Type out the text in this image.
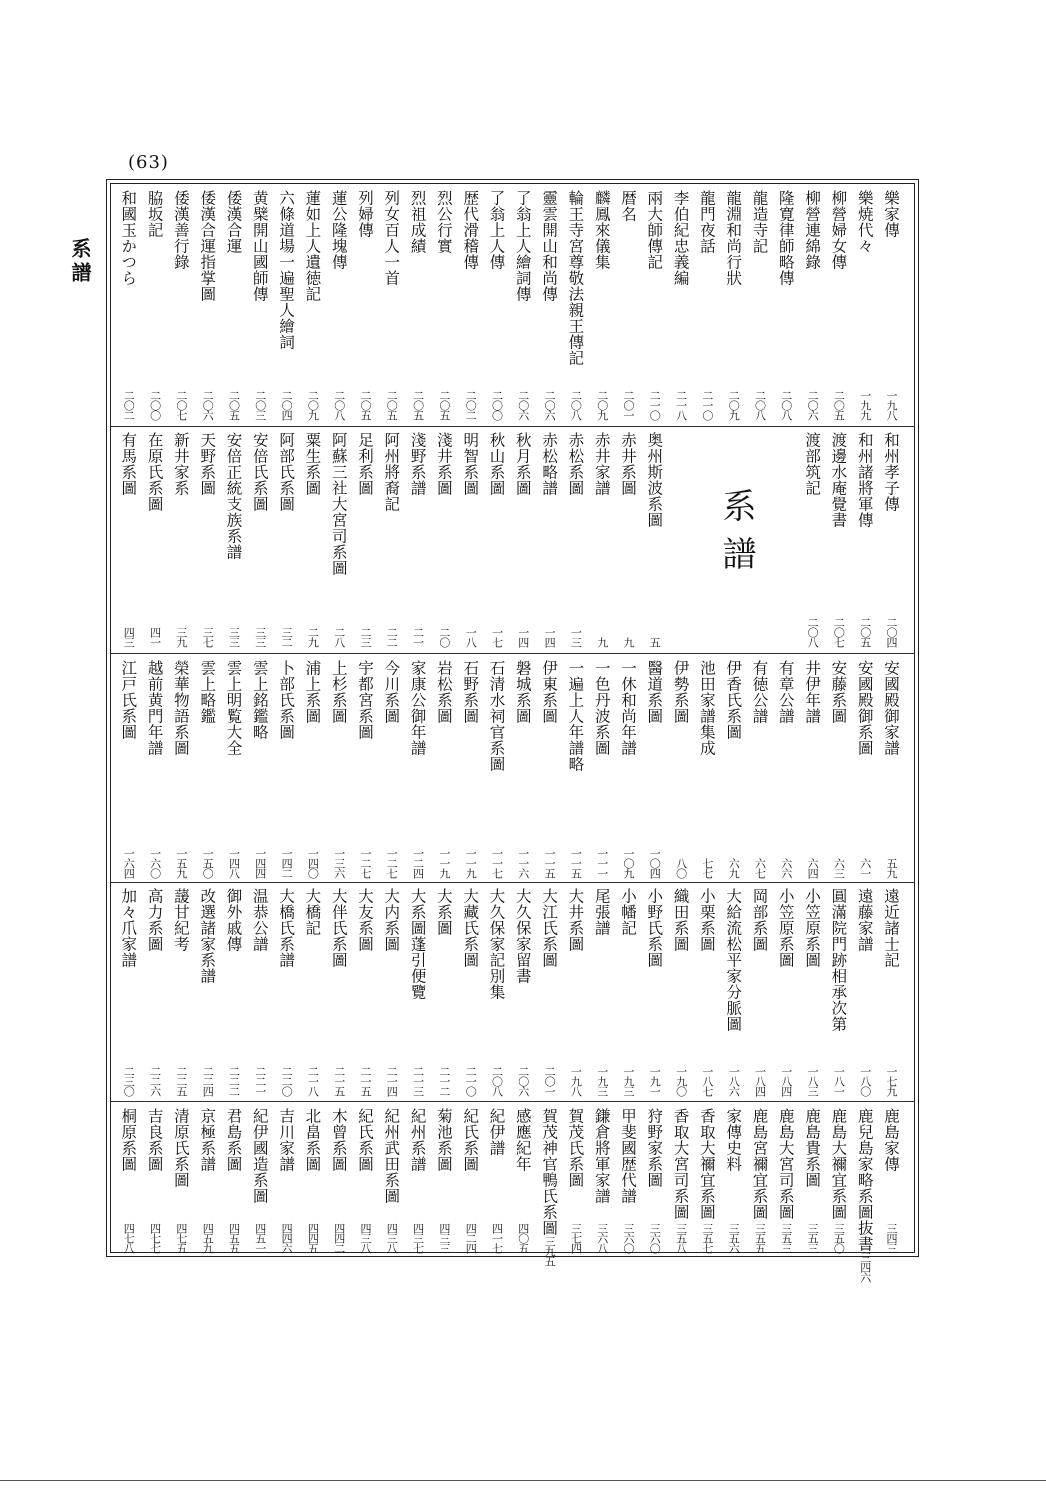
(63)
系譜
系譜
樂家傳
一九八
樂焼代々
一九九
柳營婦女傳
二〇五
柳營連綿錄
二〇六
隆寛律師略傳
二〇八
龍造寺記
二〇八
龍淵和尚行狀
二〇九
龍門夜話
二一〇
李伯紀忠義編
二一八
兩大師傳記
二一〇
暦名
二〇一
麟鳳來儀集
二〇九
輪王寺宮尊敬法親王傳記
二〇八
靈雲開山和尚傳
二〇六
了翁上人繪詞傳
二〇六
了翁上人傳
二〇〇
歴代滑稽傳
二〇二
烈公行實
二〇五
烈祖成績
二〇五
列女百人一首
二〇五
列婦傳
二〇五
蓮公隆塊傳
二〇八
蓮如上人遺徳記
二〇九
六條道場一遍聖人繪詞
二〇四
黄檗開山國師傳
二〇三
倭漢合運
二〇五
倭漢合運指掌圖
二〇六
倭漢善行錄
二〇七
脇坂記
二〇〇
和國玉かつら
二〇二
和州孝子傳
二〇四
和州諸將軍傳
二〇五
渡邊水庵覺書
二〇七
渡部筑記
二〇八
奥州斯波系圖
五
赤井系圖
九
赤井家譜
九
赤松系圖
一三
赤松略譜
一四
秋月系圖
一四
秋山系圖
一七
明智系圖
一八
淺井系圖
二〇
淺野系譜
二一
阿州將裔記
二二
足利系圖
二三
阿蘇三社大宮司系圖
二八
粟生系圖
二九
阿部氏系圖
三二
安倍氏系圖
三三
安倍正統支族系譜
三三
天野系圖
三七
新井家系
三九
在原氏系圖
四一
有馬系圖
四三
安國殿御家譜
五九
安國殿御系圖
六一
安藤系圖
六三
井伊年譜
六四
有章公譜
六六
有徳公譜
六七
伊香氏系圖
六九
池田家譜集成
七七
伊勢系圖
八〇
醫道系圖
一〇四
一休和尚年譜
一〇九
一色丹波系圖
一一一
一遍上人年譜略
一一五
伊東系圖
一一五
磐城系圖
一一六
石清水祠官系圖
一一七
石野系圖
一一九
岩松系圖
一一九
家康公御年譜
一二四
今川系圖
一二七
宇都宮系圖
一二七
上杉系圖
一三六
浦上系圖
一四〇
卜部氏系圖
一四二
雲上銘鑑略
一四四
雲上明覧大全
一四八
雲上略鑑
一五〇
榮華物語系圖
一五九
越前黄門年譜
一六〇
江戸氏系圖
一六四
遠近諸士記
一七九
遠藤家譜
一八〇
圓滿院門跡相承次第
一八一
小笠原系圖
一八三
小笠原系圖
一八四
岡部系圖
一八四
大給流松平家分脈圖
一八六
小栗系圖
一八七
織田系圖
一九〇
小野氏系圖
一九一
小幡記
一九三
尾張譜
一九三
大井系圖
一九八
大江氏系圖
二〇一
大久保家留書
二〇六
大久保家記別集
二〇八
大藏氏系圖
二一〇
大系圖
二一二
大系圖蓬引便覽
二一三
大内系圖
二一四
大友系圖
二一五
大伴氏系圖
二一五
大橋記
二一八
大橋氏系譜
二二〇
温恭公譜
二二一
御外戚傳
二二二
改選諸家系譜
二二四
蘐甘紀考
二二五
高力系圖
二二六
加々爪家譜
二三〇
鹿島家傳
三四三
鹿兒島家略系圖抜書
三四六
鹿島大禰宜系圖
三五〇
鹿島貴系圖
三五三
鹿島大宮司系圖
三五三
鹿島宮禰宜系圖
三五五
家傳史料
三五六
香取大禰宜系圖
三五七
香取大宮司系圖
三五八
狩野家系圖
三六〇
甲斐國歴代譜
三六〇
鎌倉將軍家譜
三六八
賀茂氏系圖
三七四
賀茂神官鴨氏系圖
三九五
感應紀年
四〇五
紀伊譜
四一七
紀氏系圖
四二四
菊池系圖
四三三
紀州系譜
四三七
紀州武田系圖
四三八
紀氏系圖
四三八
木曾系圖
四四二
北畠系圖
四四五
吉川家譜
四四六
紀伊國造系圖
四五一
君島系圖
四五五
京極系譜
四五九
清原氏系圖
四七五
吉良系圖
四七七
桐原系圖
四七八
